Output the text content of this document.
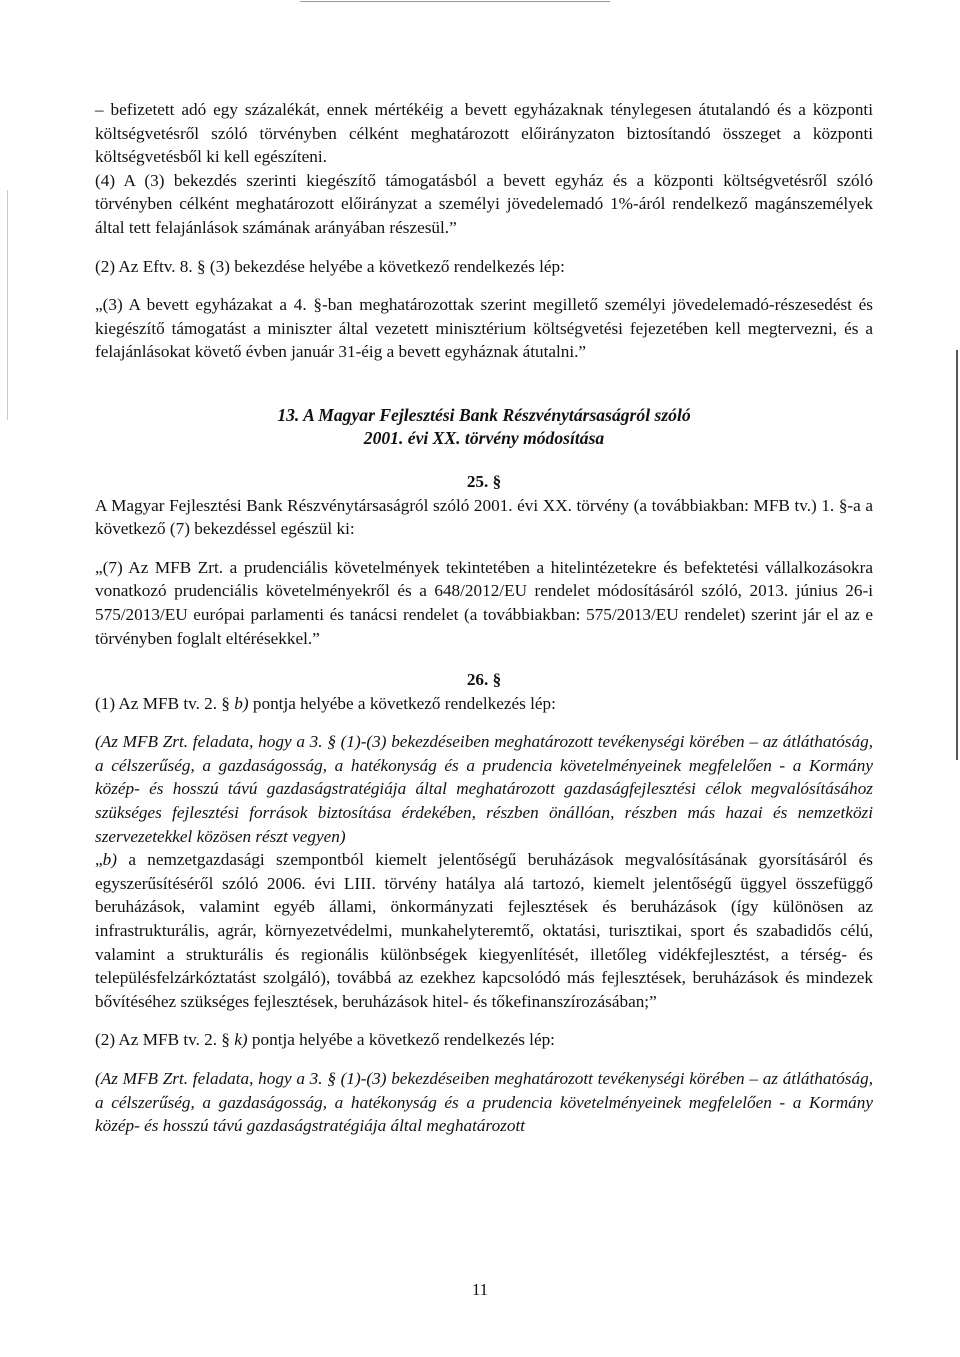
– befizetett adó egy százalékát, ennek mértékéig a bevett egyházaknak ténylegesen átutalandó és a központi költségvetésről szóló törvényben célként meghatározott előirányzaton biztosítandó összeget a központi költségvetésből ki kell egészíteni.

(4) A (3) bekezdés szerinti kiegészítő támogatásból a bevett egyház és a központi költségvetésről szóló törvényben célként meghatározott előirányzat a személyi jövedelemadó 1%-áról rendelkező magánszemélyek által tett felajánlások számának arányában részesül.”

(2) Az Eftv. 8. § (3) bekezdése helyébe a következő rendelkezés lép:

„(3) A bevett egyházakat a 4. §-ban meghatározottak szerint megillető személyi jövedelemadó-részesedést és kiegészítő támogatást a miniszter által vezetett minisztérium költségvetési fejezetében kell megtervezni, és a felajánlásokat követő évben január 31-éig a bevett egyháznak átutalni.”

13. A Magyar Fejlesztési Bank Részvénytársaságról szóló
2001. évi XX. törvény módosítása

25. §

A Magyar Fejlesztési Bank Részvénytársaságról szóló 2001. évi XX. törvény (a továbbiakban: MFB tv.) 1. §-a a következő (7) bekezdéssel egészül ki:

„(7) Az MFB Zrt. a prudenciális követelmények tekintetében a hitelintézetekre és befektetési vállalkozásokra vonatkozó prudenciális követelményekről és a 648/2012/EU rendelet módosításáról szóló, 2013. június 26-i 575/2013/EU európai parlamenti és tanácsi rendelet (a továbbiakban: 575/2013/EU rendelet) szerint jár el az e törvényben foglalt eltérésekkel.”

26. §

(1) Az MFB tv. 2. § b) pontja helyébe a következő rendelkezés lép:

(Az MFB Zrt. feladata, hogy a 3. § (1)-(3) bekezdéseiben meghatározott tevékenységi körében – az átláthatóság, a célszerűség, a gazdaságosság, a hatékonyság és a prudencia követelményeinek megfelelően - a Kormány közép- és hosszú távú gazdaságstratégiája által meghatározott gazdaságfejlesztési célok megvalósításához szükséges fejlesztési források biztosítása érdekében, részben önállóan, részben más hazai és nemzetközi szervezetekkel közösen részt vegyen)

„b) a nemzetgazdasági szempontból kiemelt jelentőségű beruházások megvalósításának gyorsításáról és egyszerűsítéséről szóló 2006. évi LIII. törvény hatálya alá tartozó, kiemelt jelentőségű üggyel összefüggő beruházások, valamint egyéb állami, önkormányzati fejlesztések és beruházások (így különösen az infrastrukturális, agrár, környezetvédelmi, munkahelyteremtő, oktatási, turisztikai, sport és szabadidős célú, valamint a strukturális és regionális különbségek kiegyenlítését, illetőleg vidékfejlesztést, a térség- és településfelzárkóztatást szolgáló), továbbá az ezekhez kapcsolódó más fejlesztések, beruházások és mindezek bővítéséhez szükséges fejlesztések, beruházások hitel- és tőkefinanszírozásában;”

(2) Az MFB tv. 2. § k) pontja helyébe a következő rendelkezés lép:

(Az MFB Zrt. feladata, hogy a 3. § (1)-(3) bekezdéseiben meghatározott tevékenységi körében – az átláthatóság, a célszerűség, a gazdaságosság, a hatékonyság és a prudencia követelményeinek megfelelően - a Kormány közép- és hosszú távú gazdaságstratégiája által meghatározott

11
